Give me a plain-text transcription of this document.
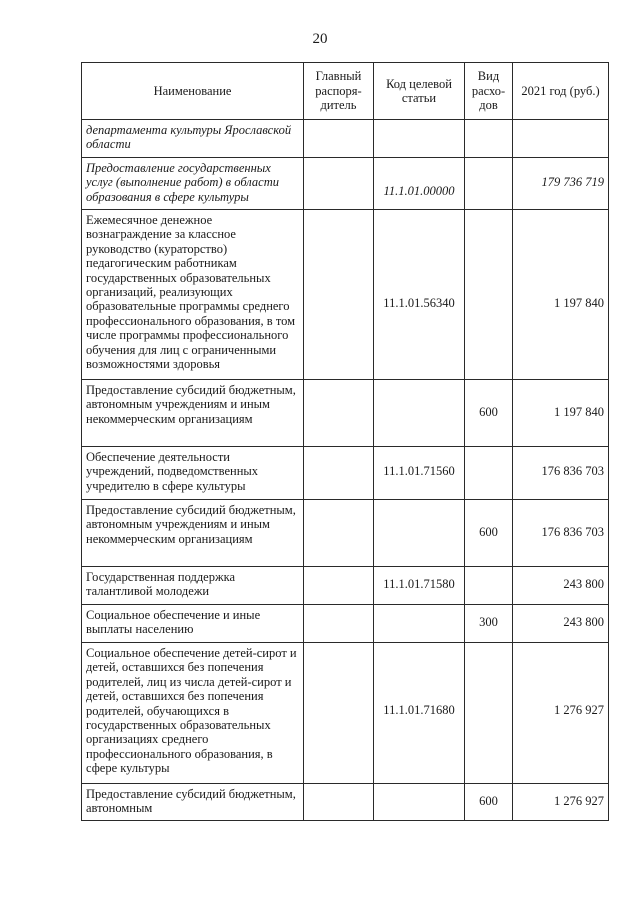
20
Наименование	Главный распоря-дитель	Код целевой статьи	Вид расхо-дов	2021 год (руб.)
департамента культуры Ярославской области				
Предоставление государственных услуг (выполнение работ) в области образования в сфере культуры		11.1.01.00000		179 736 719
Ежемесячное денежное вознаграждение за классное руководство (кураторство) педагогическим работникам государственных образовательных организаций, реализующих образовательные программы среднего профессионального образования, в том числе программы профессионального обучения для лиц с ограниченными возможностями здоровья		11.1.01.56340		1 197 840
Предоставление субсидий бюджетным, автономным учреждениям и иным некоммерческим организациям			600	1 197 840
Обеспечение деятельности учреждений, подведомственных учредителю в сфере культуры		11.1.01.71560		176 836 703
Предоставление субсидий бюджетным, автономным учреждениям и иным некоммерческим организациям			600	176 836 703
Государственная поддержка талантливой молодежи		11.1.01.71580		243 800
Социальное обеспечение и иные выплаты населению			300	243 800
Социальное обеспечение детей-сирот и детей, оставшихся без попечения родителей, лиц из числа детей-сирот и детей, оставшихся без попечения родителей, обучающихся в государственных образовательных организациях среднего профессионального образования, в сфере культуры		11.1.01.71680		1 276 927
Предоставление субсидий бюджетным, автономным			600	1 276 927
